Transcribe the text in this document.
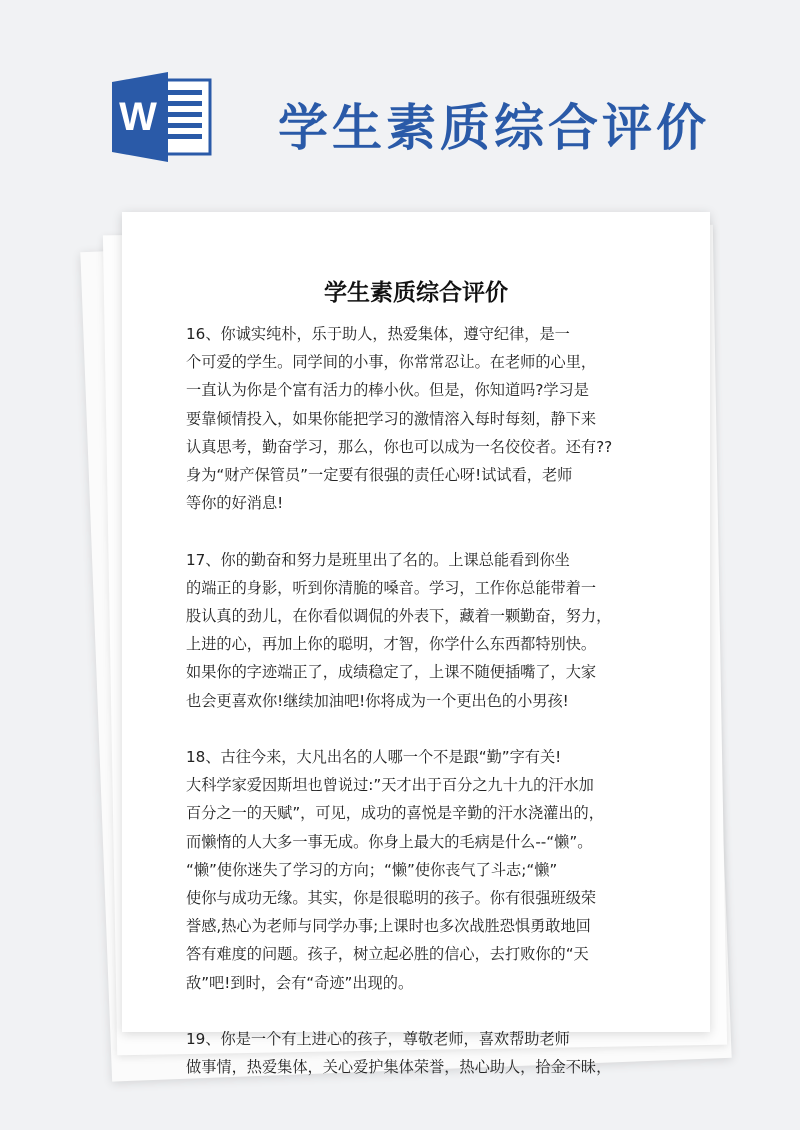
W 学生素质综合评价
学生素质综合评价

16、你诚实纯朴，乐于助人，热爱集体，遵守纪律，是一

个可爱的学生。同学间的小事，你常常忍让。在老师的心里，

一直认为你是个富有活力的棒小伙。但是，你知道吗?学习是

要靠倾情投入，如果你能把学习的激情溶入每时每刻，静下来

认真思考，勤奋学习，那么，你也可以成为一名佼佼者。还有??

身为“财产保管员”一定要有很强的责任心呀!试试看，老师

等你的好消息!

17、你的勤奋和努力是班里出了名的。上课总能看到你坐

的端正的身影，听到你清脆的嗓音。学习，工作你总能带着一

股认真的劲儿，在你看似调侃的外表下，藏着一颗勤奋，努力，

上进的心，再加上你的聪明，才智，你学什么东西都特别快。

如果你的字迹端正了，成绩稳定了，上课不随便插嘴了，大家

也会更喜欢你!继续加油吧!你将成为一个更出色的小男孩!

18、古往今来，大凡出名的人哪一个不是跟“勤”字有关!

大科学家爱因斯坦也曾说过:”天才出于百分之九十九的汗水加

百分之一的天赋”，可见，成功的喜悦是辛勤的汗水浇灌出的，

而懒惰的人大多一事无成。你身上最大的毛病是什么--“懒”。

“懒”使你迷失了学习的方向；“懒”使你丧气了斗志;“懒”

使你与成功无缘。其实，你是很聪明的孩子。你有很强班级荣

誉感,热心为老师与同学办事;上课时也多次战胜恐惧勇敢地回

答有难度的问题。孩子，树立起必胜的信心，去打败你的“天

敌”吧!到时，会有“奇迹”出现的。

19、你是一个有上进心的孩子，尊敬老师，喜欢帮助老师

做事情，热爱集体，关心爱护集体荣誉，热心助人，拾金不昧，
